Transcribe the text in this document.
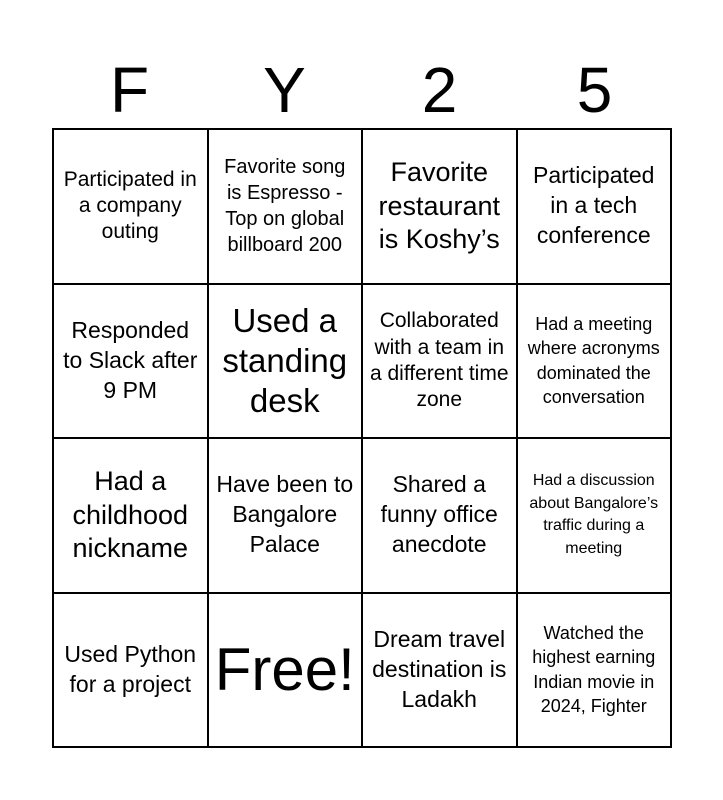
F	Y	2	5
Participated in a company outing
Favorite song is Espresso - Top on global billboard 200
Favorite restaurant is Koshy’s
Participated in a tech conference
Responded to Slack after 9 PM
Used a standing desk
Collaborated with a team in a different time zone
Had a meeting where acronyms dominated the conversation
Had a childhood nickname
Have been to Bangalore Palace
Shared a funny office anecdote
Had a discussion about Bangalore’s traffic during a meeting
Used Python for a project Free! Dream travel destination is Ladakh
Watched the highest earning Indian movie in 2024, Fighter
